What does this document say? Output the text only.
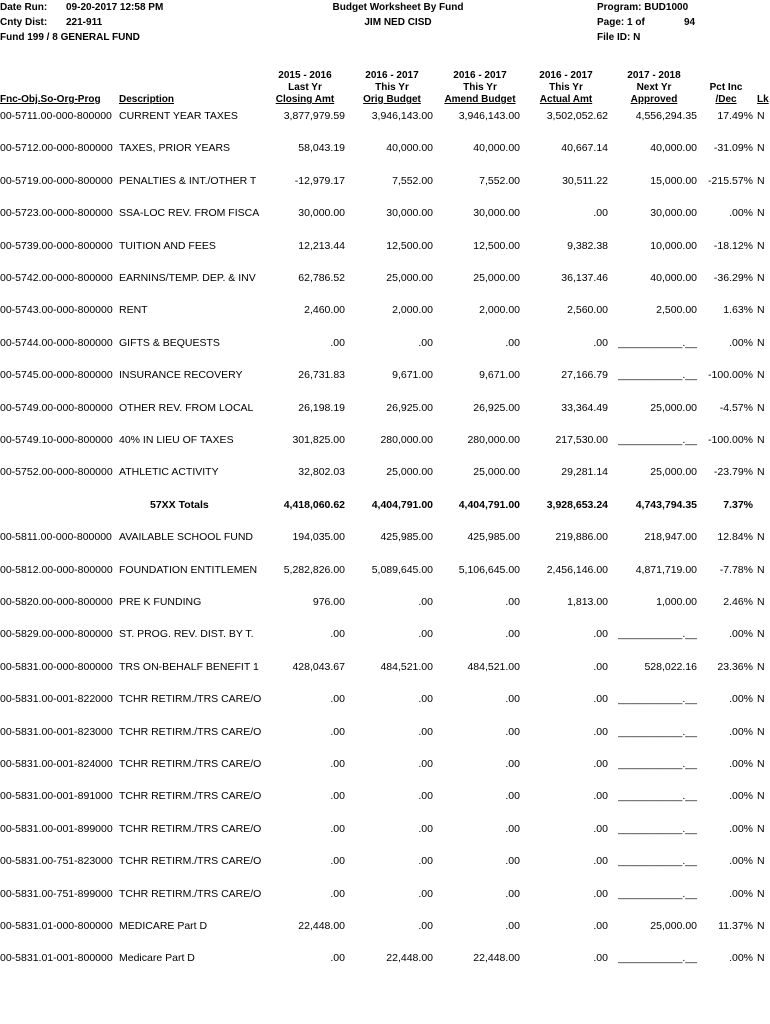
Date Run: 09-20-2017 12:58 PM
Cnty Dist: 221-911
Fund 199 / 8 GENERAL FUND
Budget Worksheet By Fund
JIM NED CISD
Program: BUD1000
Page: 1 of	94
File ID: N
Fnc-Obj.So-Org-Prog Description
2015 - 2016
Last Yr
Closing Amt
2016 - 2017
This Yr
Orig Budget
2016 - 2017
This Yr
Amend Budget
2016 - 2017
This Yr
Actual Amt
2017 - 2018
Next Yr
Approved
Pct Inc
/Dec	Lk
00-5711.00-000-800000 CURRENT YEAR TAXES	3,877,979.59	3,946,143.00 3,946,143.00	3,502,052.62	4,556,294.35 17.49% N
00-5712.00-000-800000 TAXES, PRIOR YEARS	58,043.19	40,000.00	40,000.00	40,667.14	40,000.00 -31.09% N
00-5719.00-000-800000 PENALTIES & INT./OTHER T	-12,979.17	7,552.00	7,552.00	30,511.22	15,000.00 -215.57% N
00-5723.00-000-800000 SSA-LOC REV. FROM FISCA	30,000.00	30,000.00	30,000.00	.00	30,000.00	.00% N
00-5739.00-000-800000 TUITION AND FEES	12,213.44	12,500.00	12,500.00	9,382.38	10,000.00 -18.12% N
00-5742.00-000-800000 EARNINS/TEMP. DEP. & INV	62,786.52	25,000.00	25,000.00	36,137.46	40,000.00 -36.29% N
00-5743.00-000-800000 RENT	2,460.00	2,000.00	2,000.00	2,560.00	2,500.00 1.63% N
00-5744.00-000-800000 GIFTS & BEQUESTS	.00	.00	.00	.00 ___________.__	.00% N
00-5745.00-000-800000 INSURANCE RECOVERY	26,731.83	9,671.00	9,671.00	27,166.79 ___________.__ -100.00% N
00-5749.00-000-800000 OTHER REV. FROM LOCAL	26,198.19	26,925.00	26,925.00	33,364.49	25,000.00 -4.57% N
00-5749.10-000-800000 40% IN LIEU OF TAXES	301,825.00	280,000.00	280,000.00	217,530.00 ___________.__ -100.00% N
00-5752.00-000-800000 ATHLETIC ACTIVITY	32,802.03	25,000.00	25,000.00	29,281.14	25,000.00 -23.79% N
57XX Totals	4,418,060.62	4,404,791.00 4,404,791.00	3,928,653.24	4,743,794.35 7.37%
00-5811.00-000-800000 AVAILABLE SCHOOL FUND	194,035.00	425,985.00	425,985.00	219,886.00	218,947.00 12.84% N
00-5812.00-000-800000 FOUNDATION ENTITLEMEN	5,282,826.00	5,089,645.00 5,106,645.00	2,456,146.00	4,871,719.00 -7.78% N
00-5820.00-000-800000 PRE K FUNDING	976.00	.00	.00	1,813.00	1,000.00 2.46% N
00-5829.00-000-800000 ST. PROG. REV. DIST. BY T.	.00	.00	.00	.00 ___________.__	.00% N
00-5831.00-000-800000 TRS ON-BEHALF BENEFIT 1	428,043.67	484,521.00	484,521.00	.00	528,022.16 23.36% N
00-5831.00-001-822000 TCHR RETIRM./TRS CARE/O	.00	.00	.00	.00 ___________.__	.00% N
00-5831.00-001-823000 TCHR RETIRM./TRS CARE/O	.00	.00	.00	.00 ___________.__	.00% N
00-5831.00-001-824000 TCHR RETIRM./TRS CARE/O	.00	.00	.00	.00 ___________.__	.00% N
00-5831.00-001-891000 TCHR RETIRM./TRS CARE/O	.00	.00	.00	.00 ___________.__	.00% N
00-5831.00-001-899000 TCHR RETIRM./TRS CARE/O	.00	.00	.00	.00 ___________.__	.00% N
00-5831.00-751-823000 TCHR RETIRM./TRS CARE/O	.00	.00	.00	.00 ___________.__	.00% N
00-5831.00-751-899000 TCHR RETIRM./TRS CARE/O	.00	.00	.00	.00 ___________.__	.00% N
00-5831.01-000-800000 MEDICARE Part D	22,448.00	.00	.00	.00	25,000.00 11.37% N
00-5831.01-001-800000 Medicare Part D	.00	22,448.00	22,448.00	.00 ___________.__	.00% N
